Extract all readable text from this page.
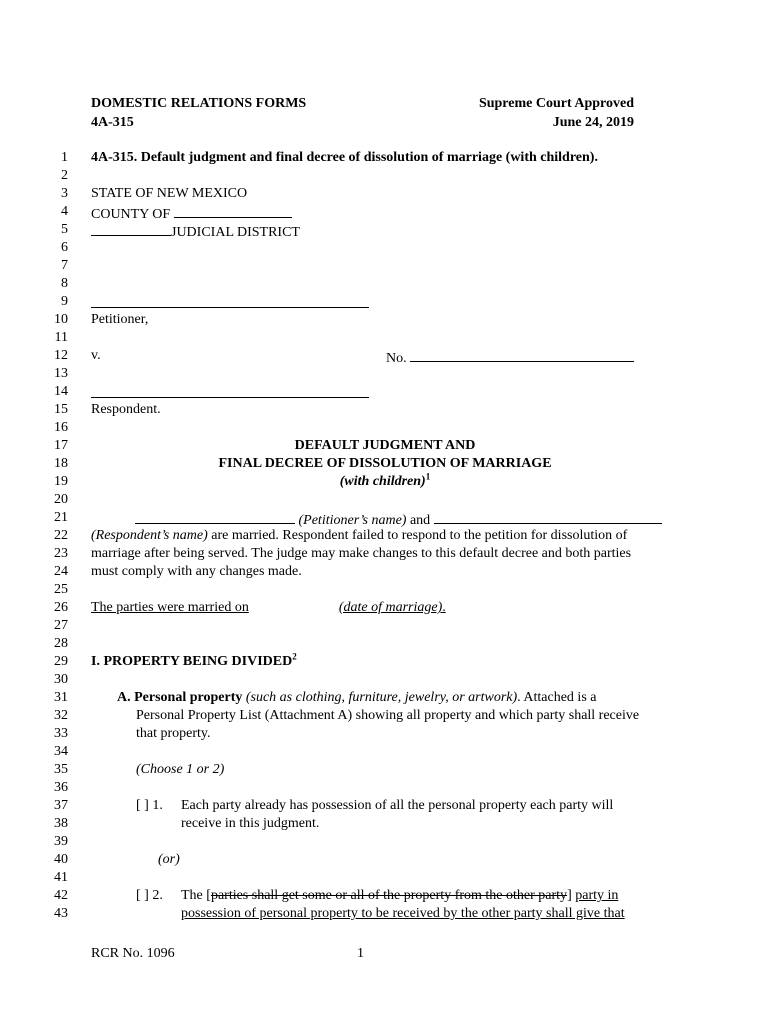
DOMESTIC RELATIONS FORMS
4A-315
Supreme Court Approved
June 24, 2019
1
2
3
4
5
6
7
8
9
10
11
12
13
14
15
16
17
18
19
20
21
22
23
24
25
26
27
28
29
30
31
32
33
34
35
36
37
38
39
40
41
42
43
4A-315. Default judgment and final decree of dissolution of marriage (with children).
STATE OF NEW MEXICO
COUNTY OF
JUDICIAL DISTRICT
Petitioner,
v.	No.
Respondent.
DEFAULT JUDGMENT AND
FINAL DECREE OF DISSOLUTION OF MARRIAGE
(with children)$^1$
(Petitioner’s name) and
(Respondent’s name) are married. Respondent failed to respond to the petition for dissolution of
marriage after being served. The judge may make changes to this default decree and both parties
must comply with any changes made.
The parties were married on	(date of marriage).
I. PROPERTY BEING DIVIDED$^2$
A. Personal property (such as clothing, furniture, jewelry, or artwork). Attached is a
Personal Property List (Attachment A) showing all property and which party shall receive
that property.
(Choose 1 or 2)
[ ] 1. Each party already has possession of all the personal property each party will
receive in this judgment.
(or)
[ ] 2. The [parties shall get some or all of the property from the other party] party in
possession of personal property to be received by the other party shall give that
RCR No. 1096	1
